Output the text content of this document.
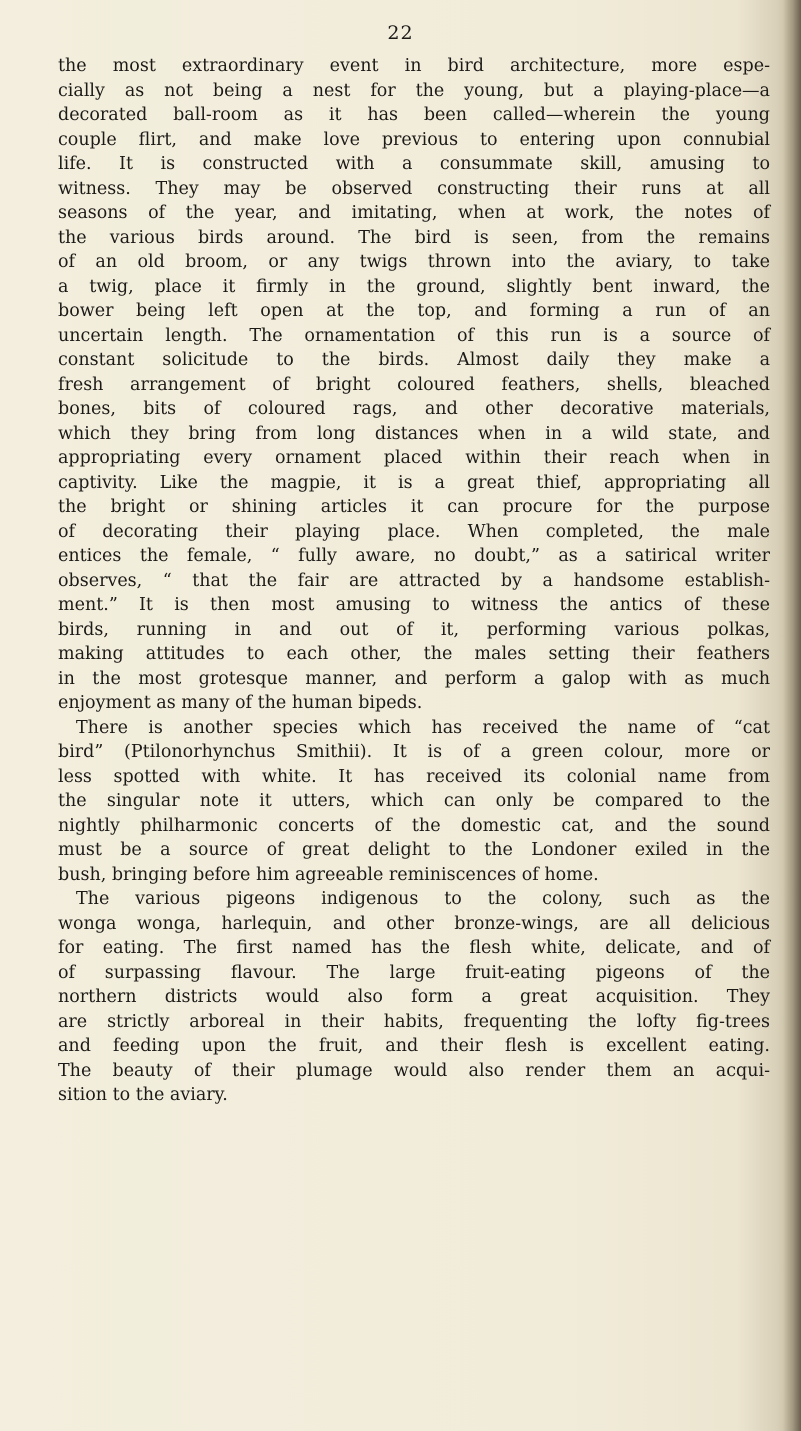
22
the most extraordinary event in bird architecture, more espe-
cially as not being a nest for the young, but a playing-place—a
decorated ball-room as it has been called—wherein the young
couple flirt, and make love previous to entering upon connubial
life. It is constructed with a consummate skill, amusing to
witness. They may be observed constructing their runs at all
seasons of the year, and imitating, when at work, the notes of
the various birds around. The bird is seen, from the remains
of an old broom, or any twigs thrown into the aviary, to take
a twig, place it firmly in the ground, slightly bent inward, the
bower being left open at the top, and forming a run of an
uncertain length. The ornamentation of this run is a source of
constant solicitude to the birds. Almost daily they make a
fresh arrangement of bright coloured feathers, shells, bleached
bones, bits of coloured rags, and other decorative materials,
which they bring from long distances when in a wild state, and
appropriating every ornament placed within their reach when in
captivity. Like the magpie, it is a great thief, appropriating all
the bright or shining articles it can procure for the purpose
of decorating their playing place. When completed, the male
entices the female, “ fully aware, no doubt,” as a satirical writer
observes, “ that the fair are attracted by a handsome establish-
ment.” It is then most amusing to witness the antics of these
birds, running in and out of it, performing various polkas,
making attitudes to each other, the males setting their feathers
in the most grotesque manner, and perform a galop with as much
enjoyment as many of the human bipeds.
There is another species which has received the name of “cat
bird” (Ptilonorhynchus Smithii). It is of a green colour, more or
less spotted with white. It has received its colonial name from
the singular note it utters, which can only be compared to the
nightly philharmonic concerts of the domestic cat, and the sound
must be a source of great delight to the Londoner exiled in the
bush, bringing before him agreeable reminiscences of home.
The various pigeons indigenous to the colony, such as the
wonga wonga, harlequin, and other bronze-wings, are all delicious
for eating. The first named has the flesh white, delicate, and of
of surpassing flavour. The large fruit-eating pigeons of the
northern districts would also form a great acquisition. They
are strictly arboreal in their habits, frequenting the lofty fig-trees
and feeding upon the fruit, and their flesh is excellent eating.
The beauty of their plumage would also render them an acqui-
sition to the aviary.
